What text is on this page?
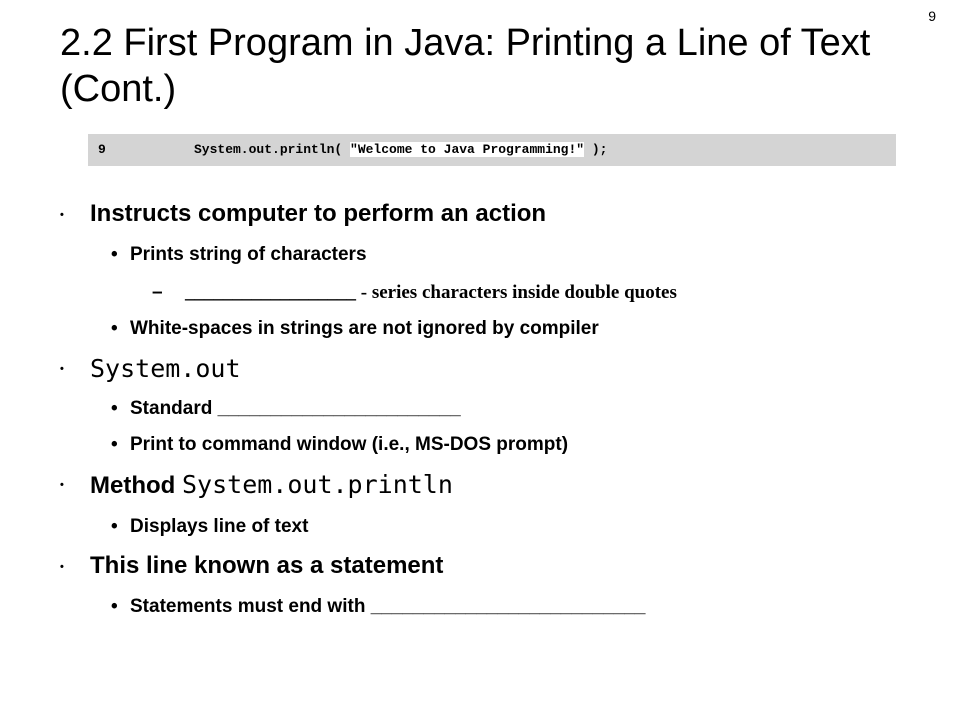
9
2.2 First Program in Java: Printing a Line of Text (Cont.)
9	System.out.println( "Welcome to Java Programming!" );
• Instructs computer to perform an action
• Prints string of characters
– __________________ - series characters inside double quotes
• White-spaces in strings are not ignored by compiler
• System.out
• Standard _______________________
• Print to command window (i.e., MS-DOS prompt)
• Method System.out.println
• Displays line of text
• This line known as a statement
• Statements must end with __________________________
